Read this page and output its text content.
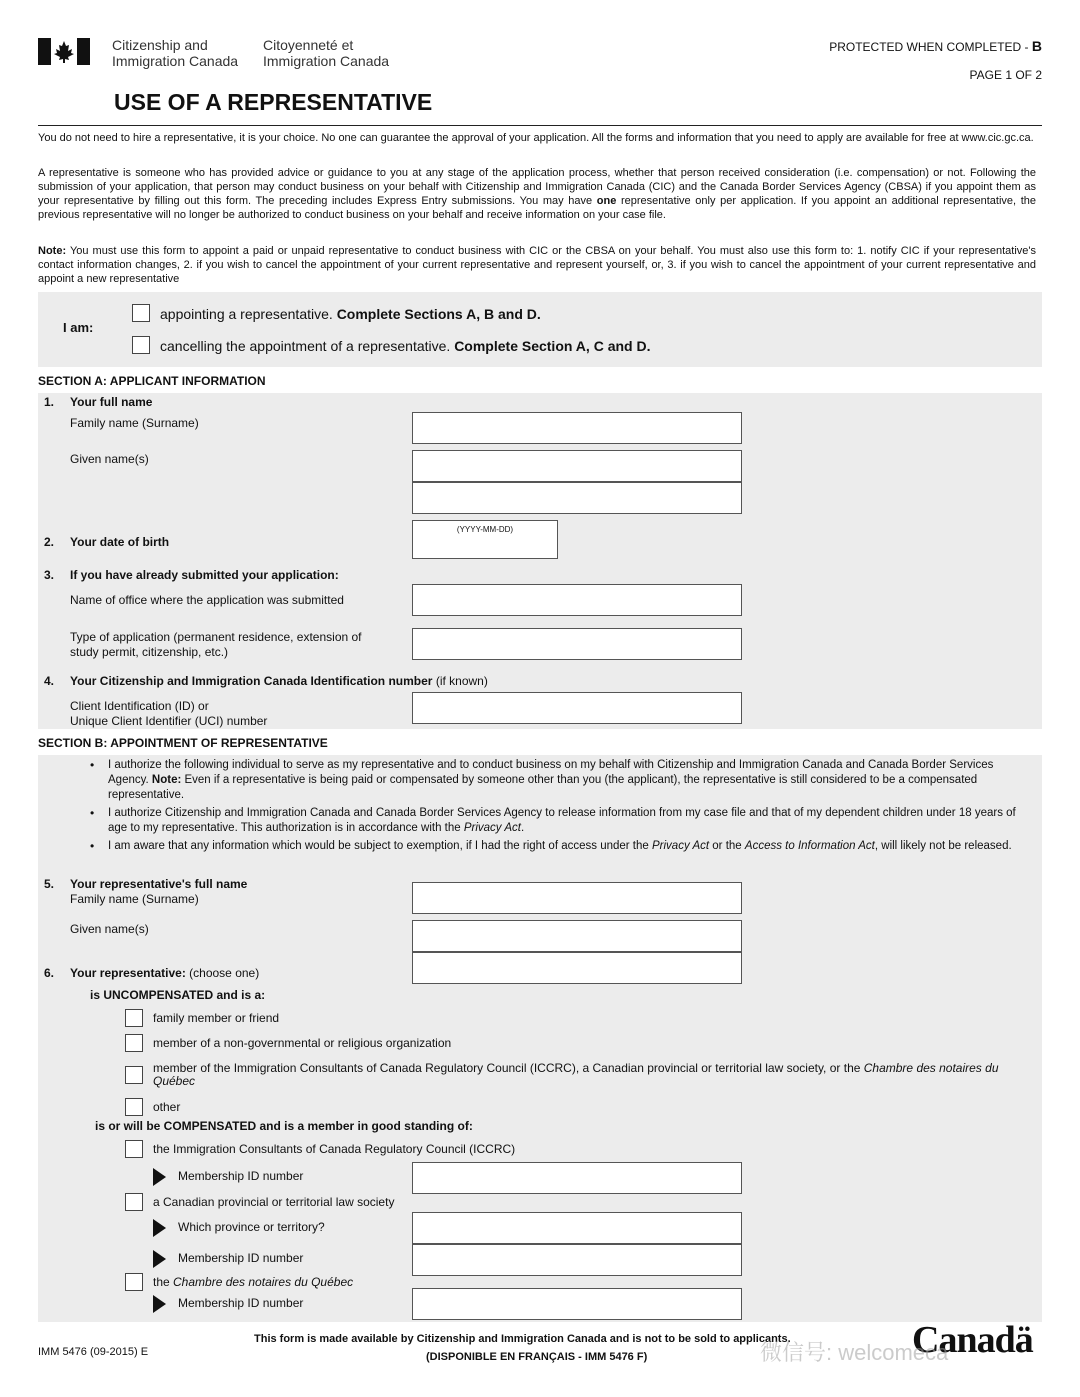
Citizenship and
Immigration Canada
Citoyenneté et
Immigration Canada
PROTECTED WHEN COMPLETED - B
PAGE 1 OF 2
USE OF A REPRESENTATIVE
You do not need to hire a representative, it is your choice. No one can guarantee the approval of your application. All the forms and information that you need to apply are available for free at www.cic.gc.ca.
A representative is someone who has provided advice or guidance to you at any stage of the application process, whether that person received consideration (i.e. compensation) or not. Following the submission of your application, that person may conduct business on your behalf with Citizenship and Immigration Canada (CIC) and the Canada Border Services Agency (CBSA) if you appoint them as your representative by filling out this form. The preceding includes Express Entry submissions. You may have one representative only per application. If you appoint an additional representative, the previous representative will no longer be authorized to conduct business on your behalf and receive information on your case file.
Note: You must use this form to appoint a paid or unpaid representative to conduct business with CIC or the CBSA on your behalf. You must also use this form to: 1. notify CIC if your representative's contact information changes, 2. if you wish to cancel the appointment of your current representative and represent yourself, or, 3. if you wish to cancel the appointment of your current representative and appoint a new representative
I am:
appointing a representative. Complete Sections A, B and D.
cancelling the appointment of a representative. Complete Section A, C and D.
SECTION A: APPLICANT INFORMATION
1. Your full name
Family name (Surname)
Given name(s)
2. Your date of birth
(YYYY-MM-DD)
3. If you have already submitted your application:
Name of office where the application was submitted
Type of application (permanent residence, extension of
study permit, citizenship, etc.)
4. Your Citizenship and Immigration Canada Identification number (if known)
Client Identification (ID) or
Unique Client Identifier (UCI) number
SECTION B: APPOINTMENT OF REPRESENTATIVE
• I authorize the following individual to serve as my representative and to conduct business on my behalf with Citizenship and Immigration Canada and Canada Border Services Agency. Note: Even if a representative is being paid or compensated by someone other than you (the applicant), the representative is still considered to be a compensated representative.
• I authorize Citizenship and Immigration Canada and Canada Border Services Agency to release information from my case file and that of my dependent children under 18 years of age to my representative. This authorization is in accordance with the Privacy Act.
• I am aware that any information which would be subject to exemption, if I had the right of access under the Privacy Act or the Access to Information Act, will likely not be released.
5. Your representative's full name
Family name (Surname)
Given name(s)
6. Your representative: (choose one)
is UNCOMPENSATED and is a:
family member or friend
member of a non-governmental or religious organization
member of the Immigration Consultants of Canada Regulatory Council (ICCRC), a Canadian provincial or territorial law society, or the Chambre des notaires du Québec
other
is or will be COMPENSATED and is a member in good standing of:
the Immigration Consultants of Canada Regulatory Council (ICCRC)
Membership ID number
a Canadian provincial or territorial law society
Which province or territory?
Membership ID number
the Chambre des notaires du Québec
Membership ID number
IMM 5476 (09-2015) E
This form is made available by Citizenship and Immigration Canada and is not to be sold to applicants.
(DISPONIBLE EN FRANÇAIS - IMM 5476 F)	Canadä
微信号: welcomeca
